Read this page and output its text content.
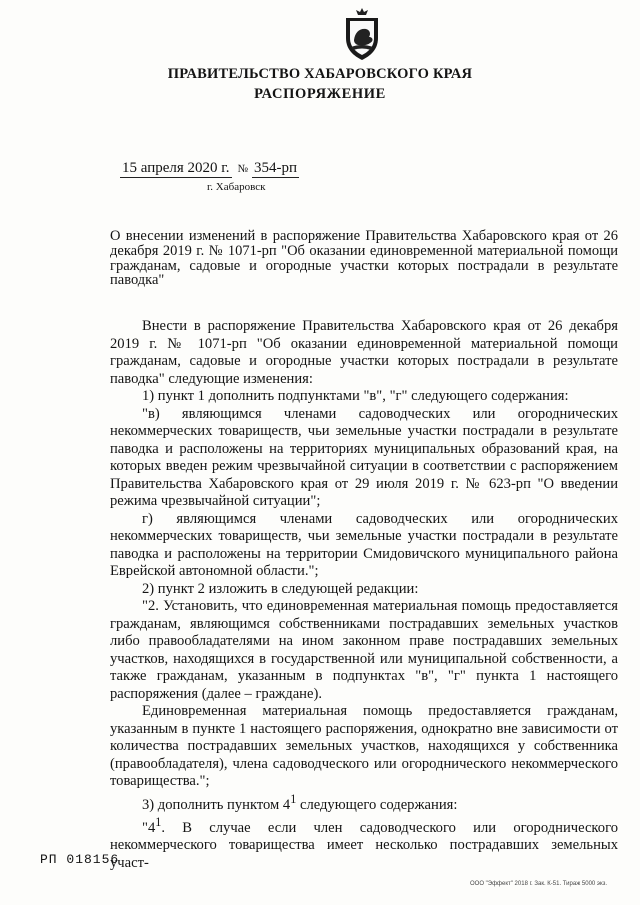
ПРАВИТЕЛЬСТВО ХАБАРОВСКОГО КРАЯ
РАСПОРЯЖЕНИЕ
15 апреля 2020 г. № 354-рп
г. Хабаровск

О внесении изменений в распоряжение Правительства Хабаровского края от 26 декабря 2019 г. № 1071-рп "Об оказании единовременной материальной помощи гражданам, садовые и огородные участки которых пострадали в результате паводка"

Внести в распоряжение Правительства Хабаровского края от 26 декабря 2019 г. № 1071-рп "Об оказании единовременной материальной помощи гражданам, садовые и огородные участки которых пострадали в результате паводка" следующие изменения:

1) пункт 1 дополнить подпунктами "в", "г" следующего содержания:

"в) являющимся членами садоводческих или огороднических некоммерческих товариществ, чьи земельные участки пострадали в результате паводка и расположены на территориях муниципальных образований края, на которых введен режим чрезвычайной ситуации в соответствии с распоряжением Правительства Хабаровского края от 29 июля 2019 г. № 623-рп "О введении режима чрезвычайной ситуации";

г) являющимся членами садоводческих или огороднических некоммерческих товариществ, чьи земельные участки пострадали в результате паводка и расположены на территории Смидовичского муниципального района Еврейской автономной области.";

2) пункт 2 изложить в следующей редакции:

"2. Установить, что единовременная материальная помощь предоставляется гражданам, являющимся собственниками пострадавших земельных участков либо правообладателями на ином законном праве пострадавших земельных участков, находящихся в государственной или муниципальной собственности, а также гражданам, указанным в подпунктах "в", "г" пункта 1 настоящего распоряжения (далее – граждане).

Единовременная материальная помощь предоставляется гражданам, указанным в пункте 1 настоящего распоряжения, однократно вне зависимости от количества пострадавших земельных участков, находящихся у собственника (правообладателя), члена садоводческого или огороднического некоммерческого товарищества.";

3) дополнить пунктом $4^1$ следующего содержания:

"$4^1$. В случае если член садоводческого или огороднического некоммерческого товарищества имеет несколько пострадавших земельных участ-

РП 018156
ООО "Эффект" 2018 г. Зак. К-51. Тираж 5000 экз.
